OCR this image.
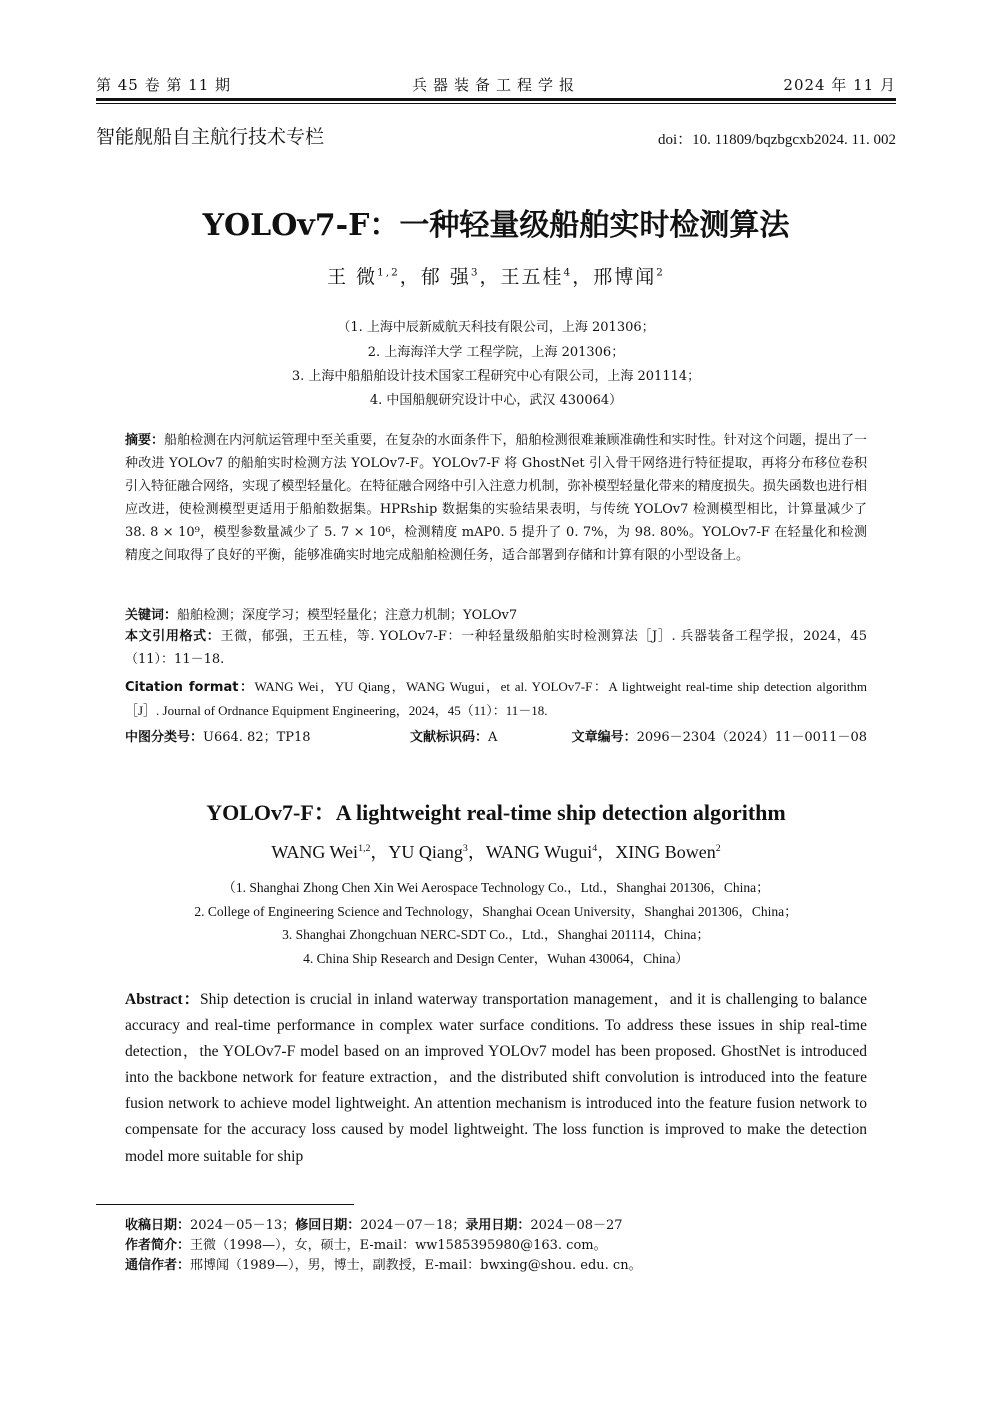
第 45 卷 第 11 期	兵器装备工程学报	2024 年 11 月
智能舰船自主航行技术专栏	doi：10. 11809/bqzbgcxb2024. 11. 002
YOLOv7-F：一种轻量级船舶实时检测算法
王 微$^{1,2}$，郁 强$^3$，王五桂$^4$，邢博闻$^2$
（1. 上海中辰新威航天科技有限公司，上海 201306；
2. 上海海洋大学 工程学院，上海 201306；
3. 上海中船船舶设计技术国家工程研究中心有限公司，上海 201114；
4. 中国船舰研究设计中心，武汉 430064）
摘要：船舶检测在内河航运管理中至关重要，在复杂的水面条件下，船舶检测很难兼顾准确性和实时性。针对这个问题，提出了一种改进 YOLOv7 的船舶实时检测方法 YOLOv7-F。YOLOv7-F 将 GhostNet 引入骨干网络进行特征提取，再将分布移位卷积引入特征融合网络，实现了模型轻量化。在特征融合网络中引入注意力机制，弥补模型轻量化带来的精度损失。损失函数也进行相应改进，使检测模型更适用于船舶数据集。HPRship 数据集的实验结果表明，与传统 YOLOv7 检测模型相比，计算量减少了 38. 8 × 10⁹，模型参数量减少了 5. 7 × 10⁶，检测精度 mAP0. 5 提升了 0. 7%，为 98. 80%。YOLOv7-F 在轻量化和检测精度之间取得了良好的平衡，能够准确实时地完成船舶检测任务，适合部署到存储和计算有限的小型设备上。
关键词：船舶检测；深度学习；模型轻量化；注意力机制；YOLOv7
本文引用格式：王微，郁强，王五桂，等. YOLOv7-F：一种轻量级船舶实时检测算法［J］. 兵器装备工程学报，2024，45（11）：11－18.
Citation format：WANG Wei，YU Qiang，WANG Wugui，et al. YOLOv7-F：A lightweight real-time ship detection algorithm［J］. Journal of Ordnance Equipment Engineering，2024，45（11）：11－18.
中图分类号：U664. 82；TP18	文献标识码：A	文章编号：2096－2304（2024）11－0011－08
YOLOv7-F：A lightweight real-time ship detection algorithm
WANG Wei$^{1,2}$，YU Qiang$^3$，WANG Wugui$^4$，XING Bowen$^2$
（1. Shanghai Zhong Chen Xin Wei Aerospace Technology Co.，Ltd.，Shanghai 201306，China；
2. College of Engineering Science and Technology，Shanghai Ocean University，Shanghai 201306，China；
3. Shanghai Zhongchuan NERC-SDT Co.，Ltd.，Shanghai 201114，China；
4. China Ship Research and Design Center，Wuhan 430064，China）
Abstract：Ship detection is crucial in inland waterway transportation management，and it is challenging to balance accuracy and real-time performance in complex water surface conditions. To address these issues in ship real-time detection，the YOLOv7-F model based on an improved YOLOv7 model has been proposed. GhostNet is introduced into the backbone network for feature extraction，and the distributed shift convolution is introduced into the feature fusion network to achieve model lightweight. An attention mechanism is introduced into the feature fusion network to compensate for the accuracy loss caused by model lightweight. The loss function is improved to make the detection model more suitable for ship
收稿日期：2024－05－13；修回日期：2024－07－18；录用日期：2024－08－27
作者简介：王微（1998—），女，硕士，E-mail：ww1585395980@163. com。
通信作者：邢博闻（1989—），男，博士，副教授，E-mail：bwxing@shou. edu. cn。
